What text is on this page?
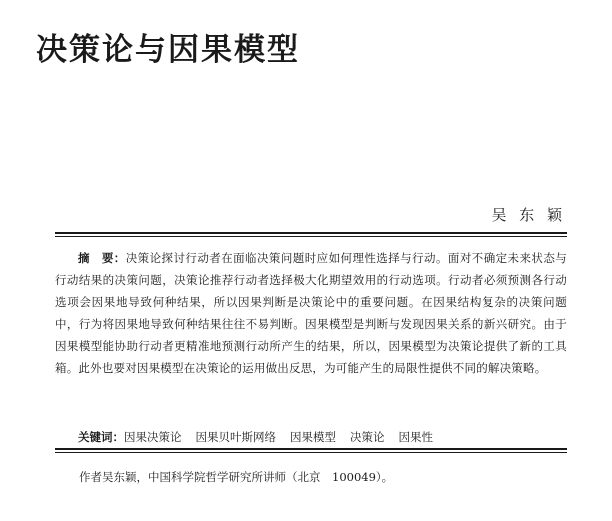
决策论与因果模型
吴 东 颖

摘　要：决策论探讨行动者在面临决策问题时应如何理性选择与行动。面对不确定未来状态与行动结果的决策问题，决策论推荐行动者选择极大化期望效用的行动选项。行动者必须预测各行动选项会因果地导致何种结果，所以因果判断是决策论中的重要问题。在因果结构复杂的决策问题中，行为将因果地导致何种结果往往不易判断。因果模型是判断与发现因果关系的新兴研究。由于因果模型能协助行动者更精准地预测行动所产生的结果，所以，因果模型为决策论提供了新的工具箱。此外也要对因果模型在决策论的运用做出反思，为可能产生的局限性提供不同的解决策略。

关键词：因果决策论 因果贝叶斯网络 因果模型 决策论 因果性

作者吴东颖，中国科学院哲学研究所讲师（北京　100049）。
